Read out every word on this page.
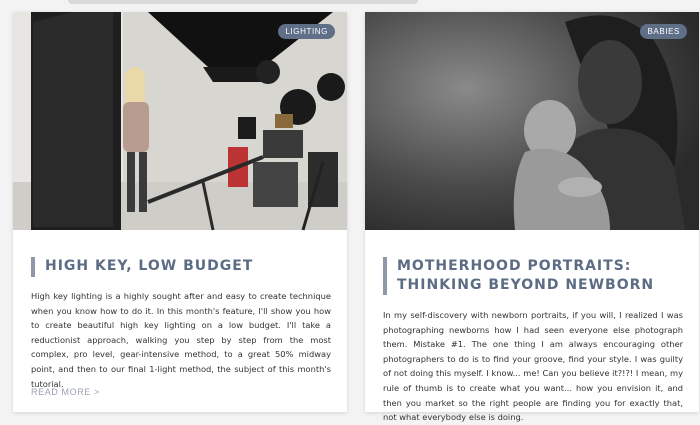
LIGHTING
HIGH KEY, LOW BUDGET

High key lighting is a highly sought after and easy to create technique when you know how to do it. In this month's feature, I'll show you how to create beautiful high key lighting on a low budget. I'll take a reductionist approach, walking you step by step from the most complex, pro level, gear-intensive method, to a great 50% midway point, and then to our final 1-light method, the subject of this month's tutorial.

READ MORE >
BABIES
MOTHERHOOD PORTRAITS:
THINKING BEYOND NEWBORN

In my self-discovery with newborn portraits, if you will, I realized I was photographing newborns how I had seen everyone else photograph them. Mistake #1. The one thing I am always encouraging other photographers to do is to find your groove, find your style. I was guilty of not doing this myself. I know... me! Can you believe it?!?! I mean, my rule of thumb is to create what you want... how you envision it, and then you market so the right people are finding you for exactly that, not what everybody else is doing.
